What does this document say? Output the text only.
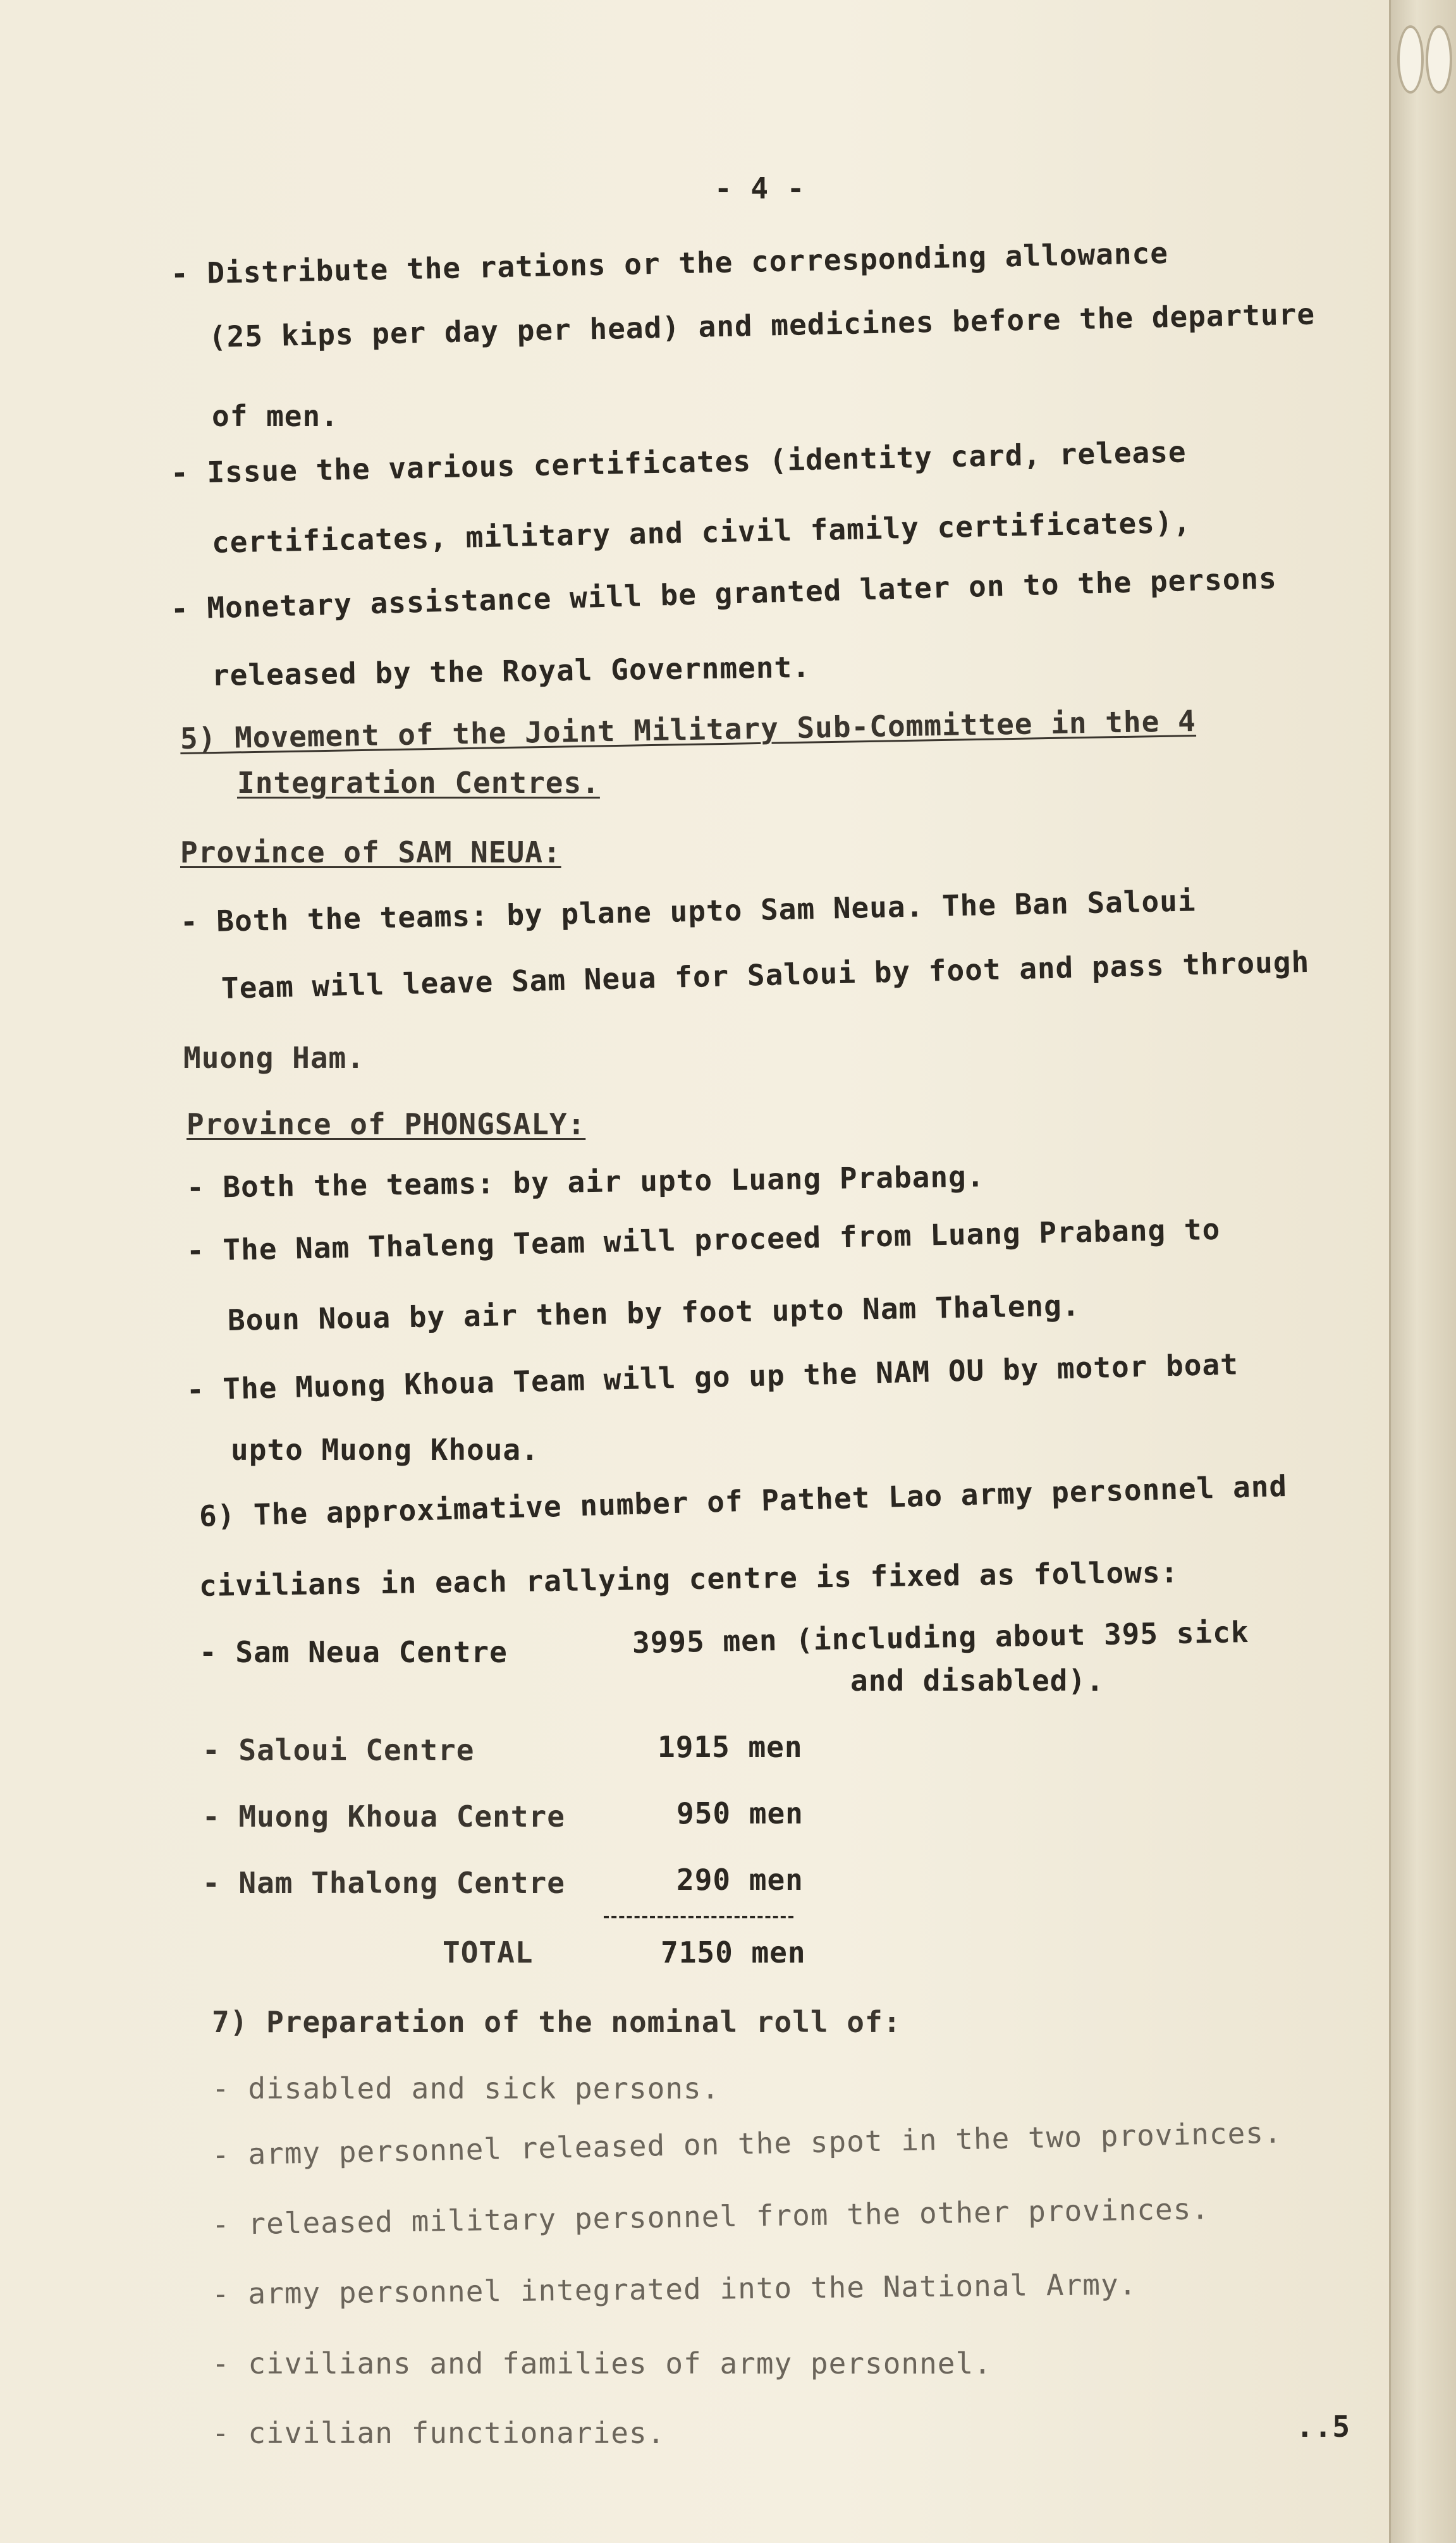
- 4 -
- Distribute the rations or the corresponding allowance
(25 kips per day per head) and medicines before the departure
of men.
- Issue the various certificates (identity card, release
certificates, military and civil family certificates),
- Monetary assistance will be granted later on to the persons
released by the Royal Government.
5) Movement of the Joint Military Sub-Committee in the 4
Integration Centres.
Province of SAM NEUA:
- Both the teams: by plane upto Sam Neua. The Ban Saloui
Team will leave Sam Neua for Saloui by foot and pass through
Muong Ham.
Province of PHONGSALY:
- Both the teams: by air upto Luang Prabang.
- The Nam Thaleng Team will proceed from Luang Prabang to
Boun Noua by air then by foot upto Nam Thaleng.
- The Muong Khoua Team will go up the NAM OU by motor boat
upto Muong Khoua.
6) The approximative number of Pathet Lao army personnel and
civilians in each rallying centre is fixed as follows:
- Sam Neua Centre	3995 men (including about 395 sick
and disabled).
- Saloui Centre	1915 men
- Muong Khoua Centre	950 men
- Nam Thalong Centre	290 men
TOTAL	7150 men
7) Preparation of the nominal roll of:
- disabled and sick persons.
- army personnel released on the spot in the two provinces.
- released military personnel from the other provinces.
- army personnel integrated into the National Army.
- civilians and families of army personnel.
- civilian functionaries.	..5
